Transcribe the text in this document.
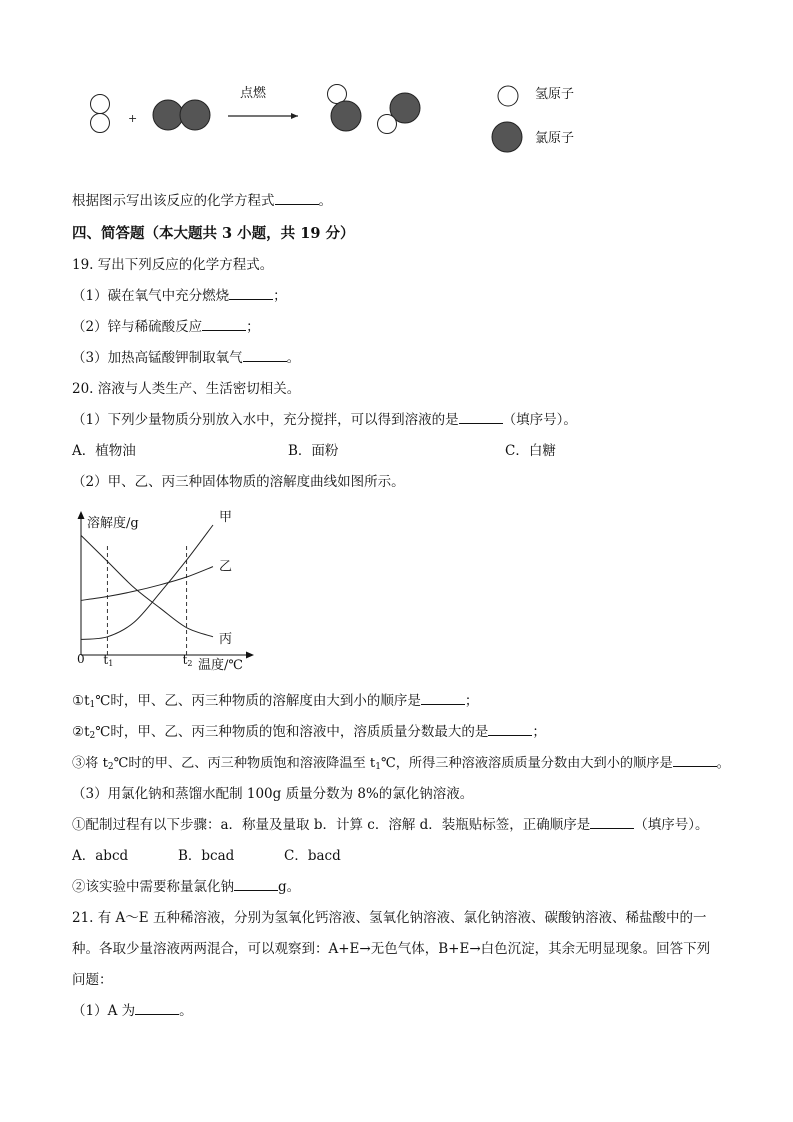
+
点燃	氢原子
氯原子
根据图示写出该反应的化学方程式	。
四、简答题（本大题共 3 小题，共 19 分）
19. 写出下列反应的化学方程式。
（1）碳在氧气中充分燃烧	；
（2）锌与稀硫酸反应	；
（3）加热高锰酸钾制取氧气	。
20. 溶液与人类生产、生活密切相关。
（1）下列少量物质分别放入水中，充分搅拌，可以得到溶液的是	（填序号）。
A．植物油	B．面粉	C．白糖
（2）甲、乙、丙三种固体物质的溶解度曲线如图所示。
溶解度/g
温度/℃
0 t1	t2
甲
乙
丙
$①t_1℃$时，甲、乙、丙三种物质的溶解度由大到小的顺序是	；
$②t_2℃$时，甲、乙、丙三种物质的饱和溶液中，溶质质量分数最大的是	；
③将 $t_2℃$时的甲、乙、丙三种物质饱和溶液降温至 $t_1℃$，所得三种溶液溶质质量分数由大到小的顺序是	。
（3）用氯化钠和蒸馏水配制 100g 质量分数为 8%的氯化钠溶液。
①配制过程有以下步骤：a．称量及量取 b．计算 c．溶解 d．装瓶贴标签，正确顺序是	（填序号）。
A．abcd	B．bcad	C．bacd
②该实验中需要称量氯化钠	g。
21. 有 A～E 五种稀溶液，分别为氢氧化钙溶液、氢氧化钠溶液、氯化钠溶液、碳酸钠溶液、稀盐酸中的一
种。各取少量溶液两两混合，可以观察到：A+E→无色气体，B+E→白色沉淀，其余无明显现象。回答下列
问题：
（1）A 为	。
